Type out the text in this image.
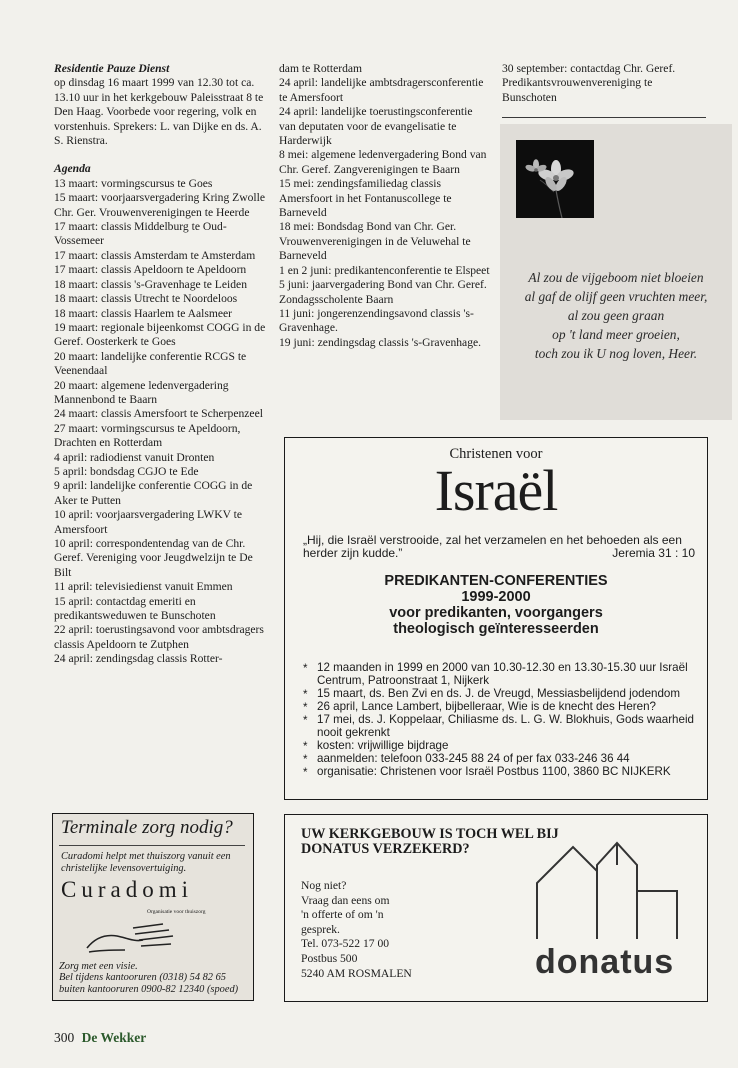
Residentie Pauze Dienst

op dinsdag 16 maart 1999 van 12.30 tot ca. 13.10 uur in het kerkgebouw Paleisstraat 8 te Den Haag. Voorbede voor regering, volk en vorstenhuis. Sprekers: L. van Dijke en ds. A. S. Rienstra.

Agenda

13 maart: vormingscursus te Goes

15 maart: voorjaarsvergadering Kring Zwolle Chr. Ger. Vrouwenverenigingen te Heerde

17 maart: classis Middelburg te Oud-Vossemeer

17 maart: classis Amsterdam te Amsterdam

17 maart: classis Apeldoorn te Apeldoorn

18 maart: classis 's-Gravenhage te Leiden

18 maart: classis Utrecht te Noordeloos

18 maart: classis Haarlem te Aalsmeer

19 maart: regionale bijeenkomst COGG in de Geref. Oosterkerk te Goes

20 maart: landelijke conferentie RCGS te Veenendaal

20 maart: algemene ledenvergadering Mannenbond te Baarn

24 maart: classis Amersfoort te Scherpenzeel

27 maart: vormingscursus te Apeldoorn, Drachten en Rotterdam

4 april: radiodienst vanuit Dronten

5 april: bondsdag CGJO te Ede

9 april: landelijke conferentie COGG in de Aker te Putten

10 april: voorjaarsvergadering LWKV te Amersfoort

10 april: correspondentendag van de Chr. Geref. Vereniging voor Jeugdwelzijn te De Bilt

11 april: televisiedienst vanuit Emmen

15 april: contactdag emeriti en predikantsweduwen te Bunschoten

22 april: toerustingsavond voor ambtsdragers classis Apeldoorn te Zutphen

24 april: zendingsdag classis Rotter-

dam te Rotterdam

24 april: landelijke ambtsdragersconferentie te Amersfoort

24 april: landelijke toerustingsconferentie van deputaten voor de evangelisatie te Harderwijk

8 mei: algemene ledenvergadering Bond van Chr. Geref. Zangverenigingen te Baarn

15 mei: zendingsfamiliedag classis Amersfoort in het Fontanuscollege te Barneveld

18 mei: Bondsdag Bond van Chr. Ger. Vrouwenverenigingen in de Veluwehal te Barneveld

1 en 2 juni: predikantenconferentie te Elspeet

5 juni: jaarvergadering Bond van Chr. Geref. Zondagsscholente Baarn

11 juni: jongerenzendingsavond classis 's-Gravenhage.

19 juni: zendingsdag classis 's-Gravenhage.

30 september: contactdag Chr. Geref. Predikantsvrouwenvereniging te Bunschoten

Al zou de vijgeboom niet bloeien
al gaf de olijf geen vruchten meer,
al zou geen graan
op 't land meer groeien,
toch zou ik U nog loven, Heer.
Christenen voor
Israël
„Hij, die Israël verstrooide, zal het verzamelen en het behoeden als een herder zijn kudde.”	Jeremia 31 : 10
PREDIKANTEN-CONFERENTIES
1999-2000
voor predikanten, voorgangers
theologisch geïnteresseerden
* 12 maanden in 1999 en 2000 van 10.30-12.30 en 13.30-15.30 uur Israël Centrum, Patroonstraat 1, Nijkerk
* 15 maart, ds. Ben Zvi en ds. J. de Vreugd, Messiasbelijdend jodendom
* 26 april, Lance Lambert, bijbelleraar, Wie is de knecht des Heren?
* 17 mei, ds. J. Koppelaar, Chiliasme ds. L. G. W. Blokhuis, Gods waarheid nooit gekrenkt
* kosten: vrijwillige bijdrage
* aanmelden: telefoon 033-245 88 24 of per fax 033-246 36 44
* organisatie: Christenen voor Israël Postbus 1100, 3860 BC NIJKERK
Terminale zorg nodig?
Curadomi helpt met thuiszorg vanuit een christelijke levensovertuiging.
Curadomi
Organisatie voor thuiszorg
Zorg met een visie.
Bel tijdens kantooruren (0318) 54 82 65
buiten kantooruren 0900-82 12340 (spoed)
UW KERKGEBOUW IS TOCH WEL BIJ DONATUS VERZEKERD?
Nog niet?
Vraag dan eens om
'n offerte of om 'n
gesprek.
Tel. 073-522 17 00
Postbus 500
5240 AM ROSMALEN	donatus
300 De Wekker
